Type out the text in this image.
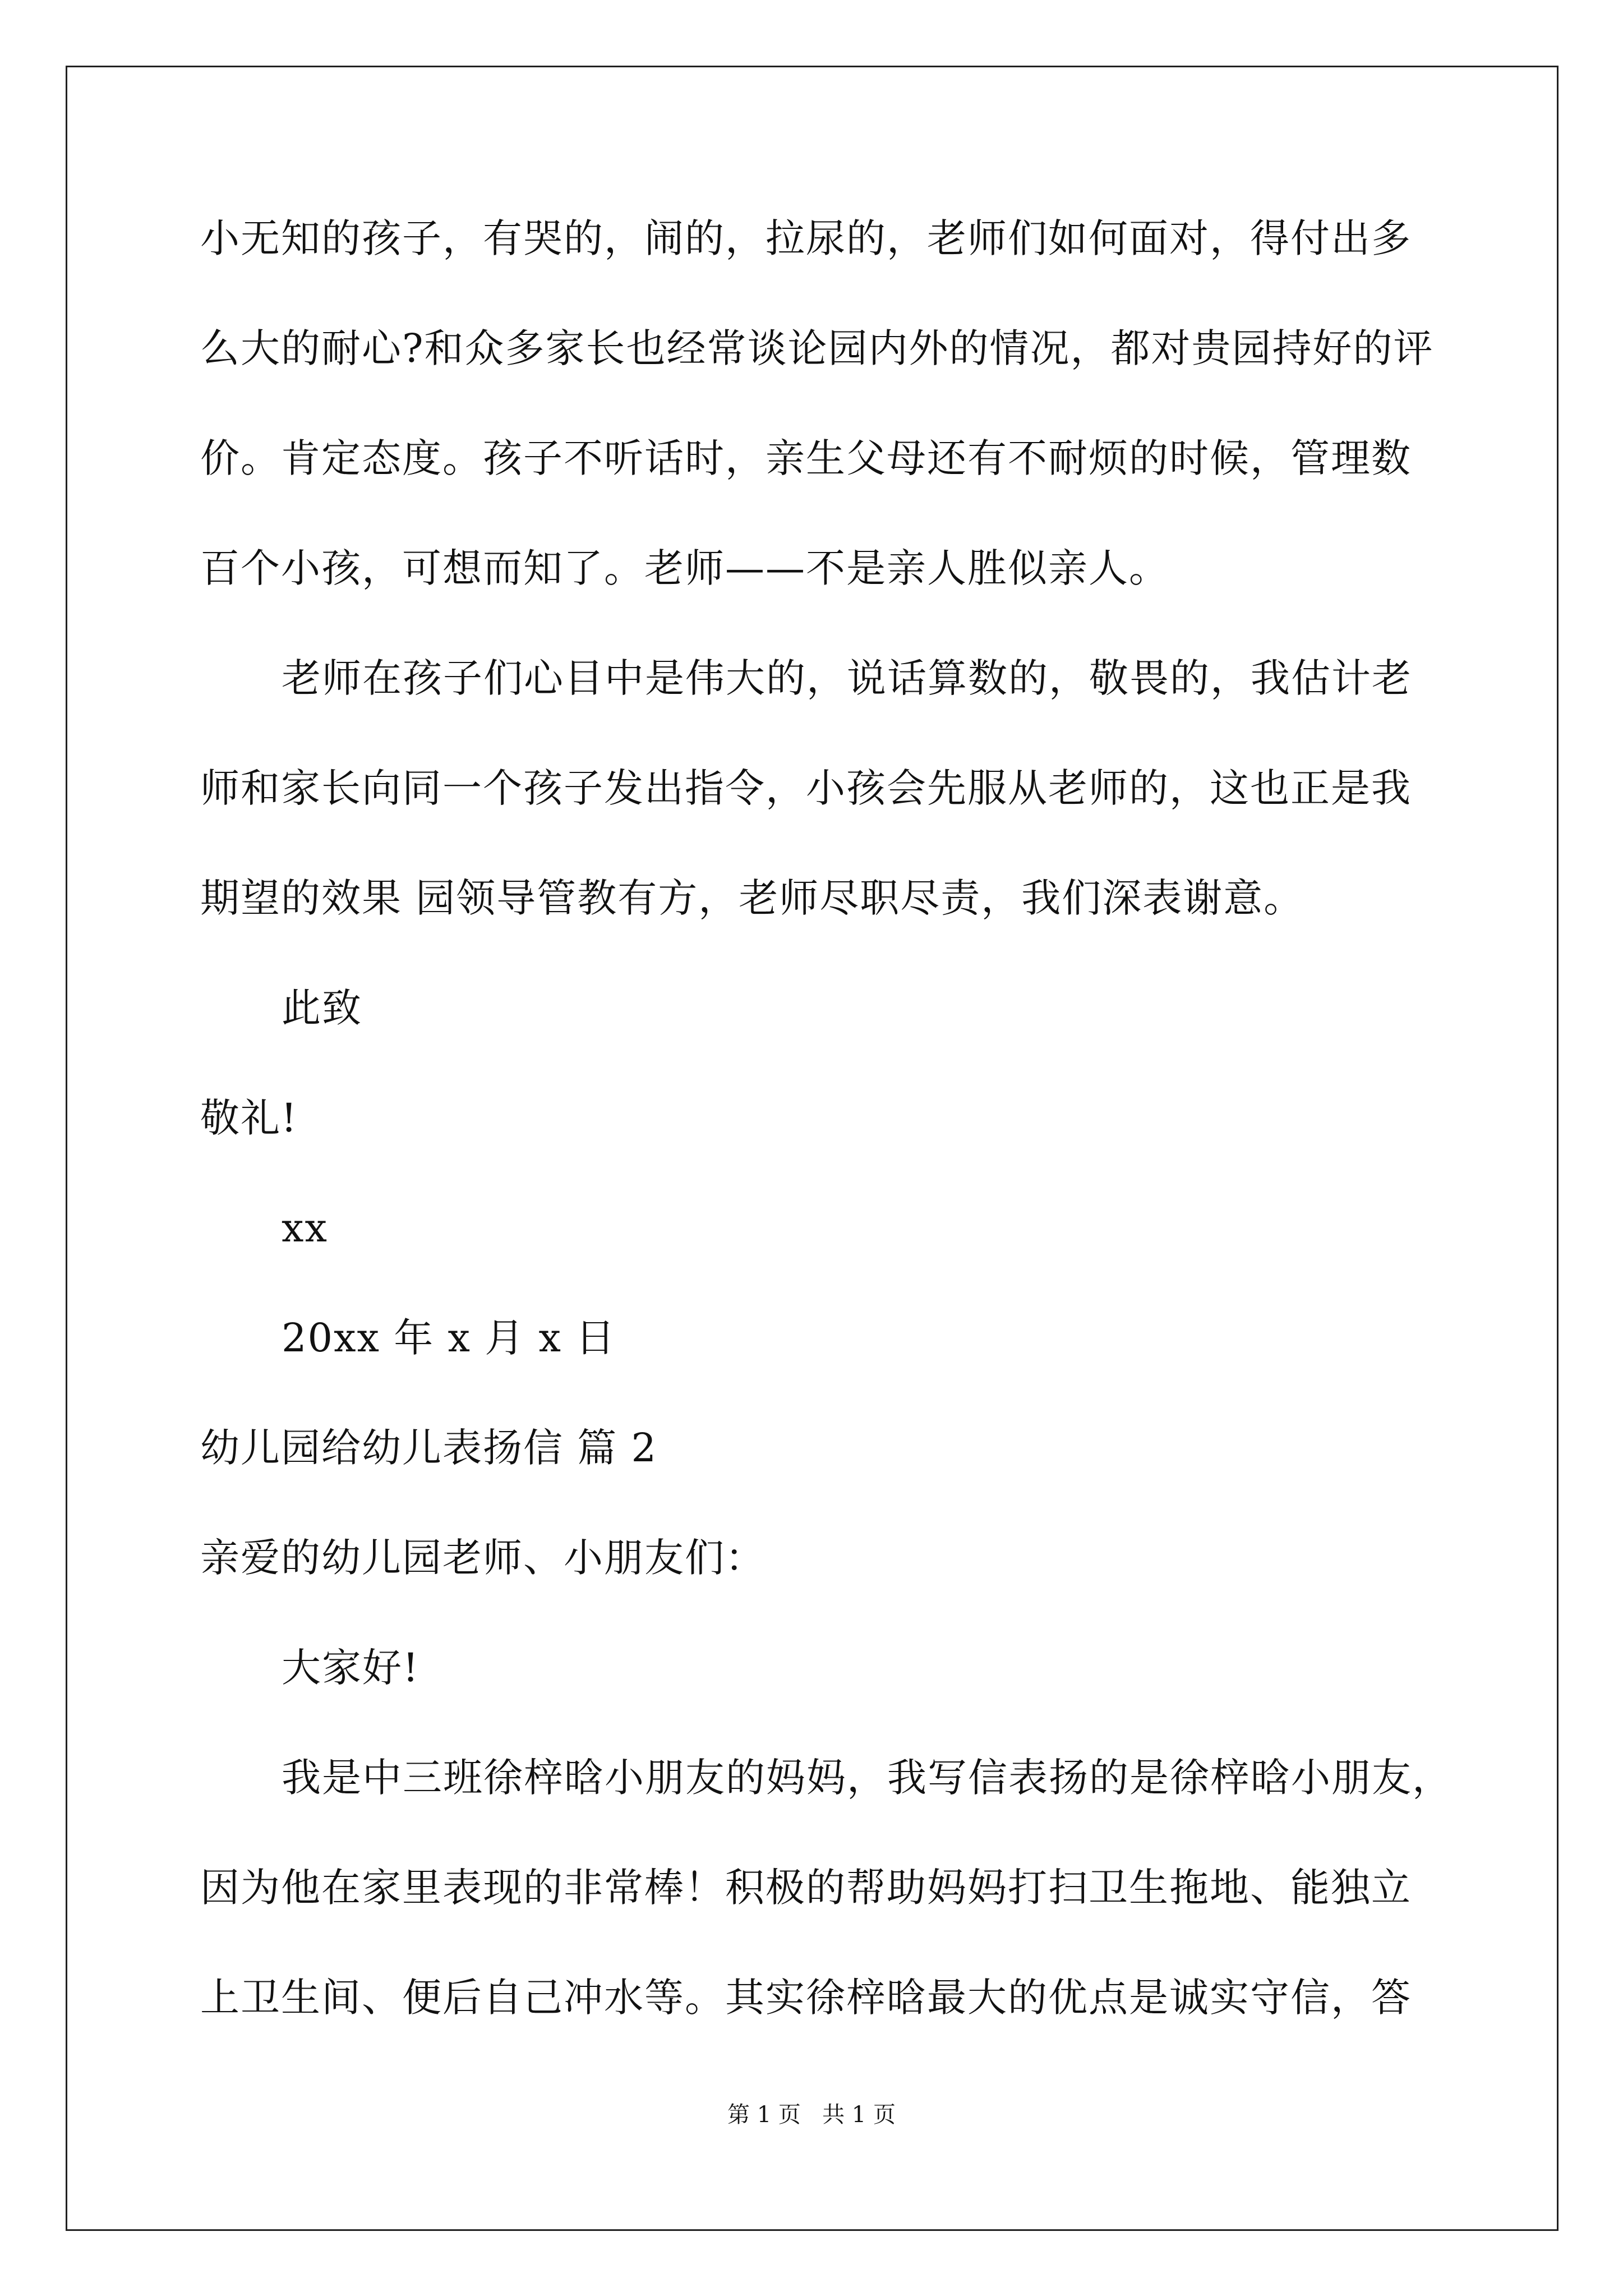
小无知的孩子，有哭的，闹的，拉尿的，老师们如何面对，得付出多
么大的耐心?和众多家长也经常谈论园内外的情况，都对贵园持好的评
价。肯定态度。孩子不听话时，亲生父母还有不耐烦的时候，管理数
百个小孩，可想而知了。老师——不是亲人胜似亲人。
老师在孩子们心目中是伟大的，说话算数的，敬畏的，我估计老
师和家长向同一个孩子发出指令，小孩会先服从老师的，这也正是我
期望的效果 园领导管教有方，老师尽职尽责，我们深表谢意。
此致
敬礼!
xx
20xx 年 x 月 x 日
幼儿园给幼儿表扬信 篇 2
亲爱的幼儿园老师、小朋友们：
大家好!
我是中三班徐梓晗小朋友的妈妈，我写信表扬的是徐梓晗小朋友，
因为他在家里表现的非常棒！积极的帮助妈妈打扫卫生拖地、能独立
上卫生间、便后自己冲水等。其实徐梓晗最大的优点是诚实守信，答
第 1 页   共 1 页
